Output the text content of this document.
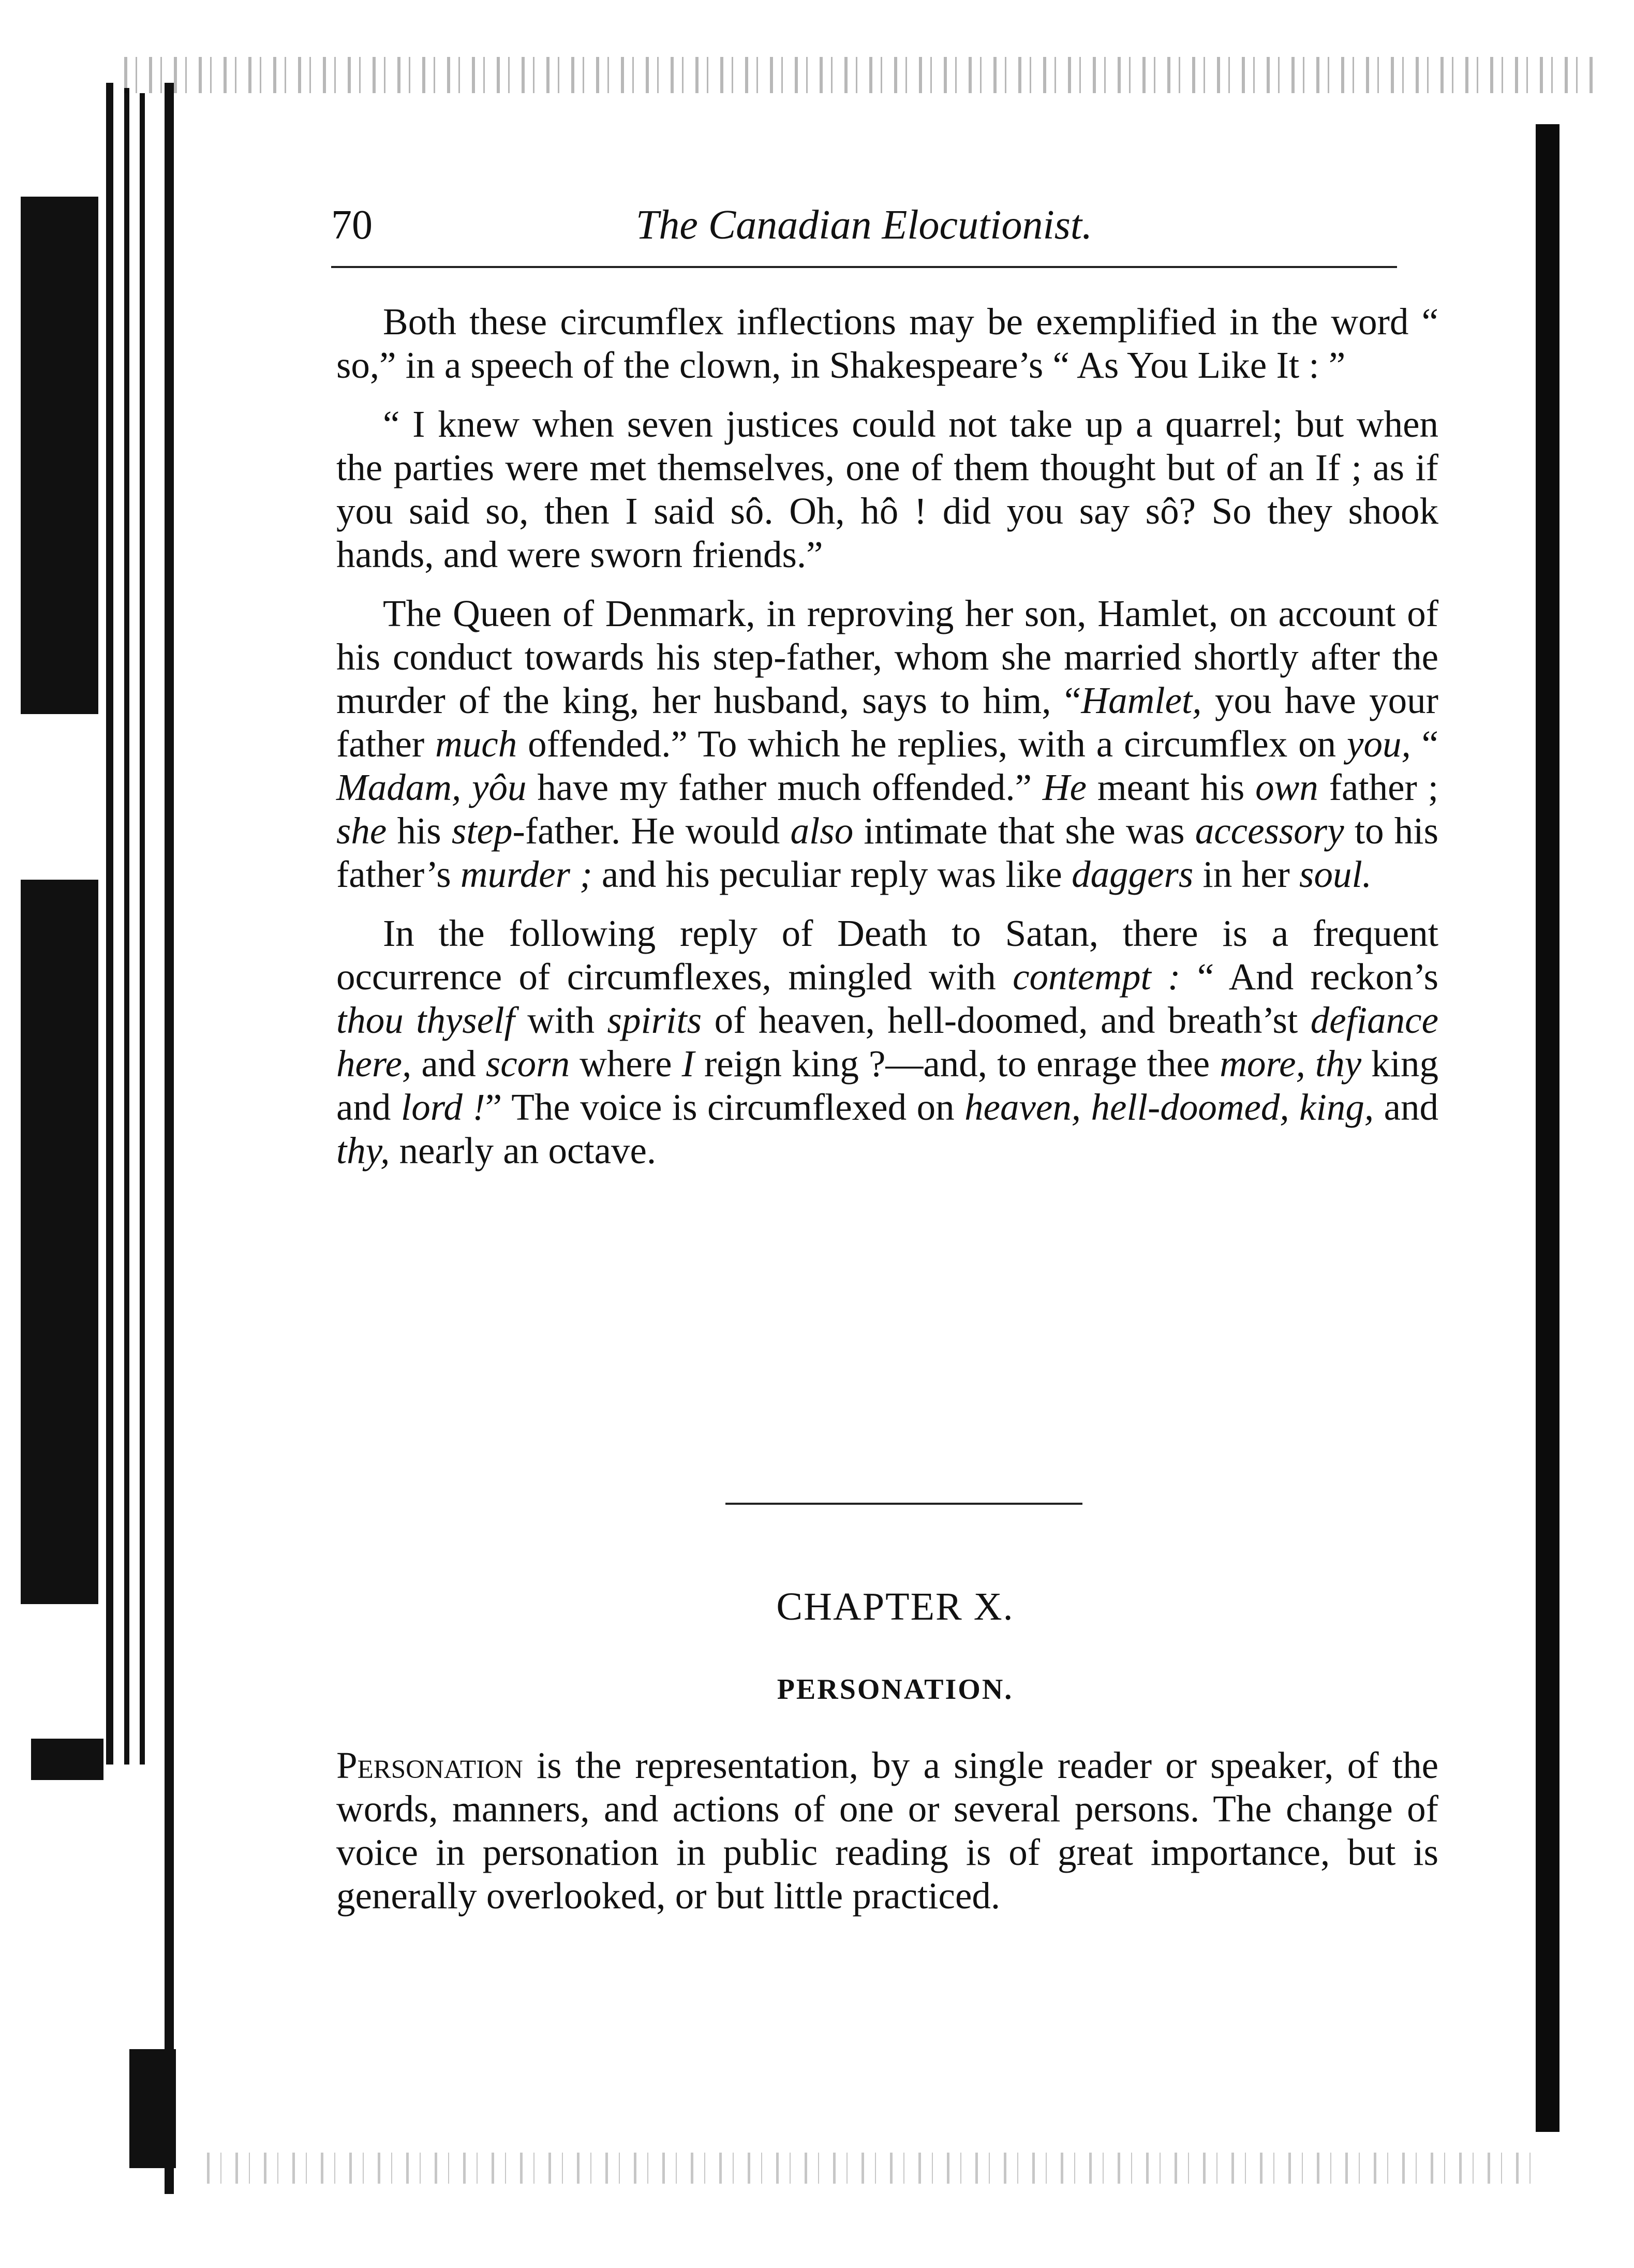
70	The Canadian Elocutionist.

Both these circumflex inflections may be exemplified in the word “ so,” in a speech of the clown, in Shakespeare’s “ As You Like It : ”

“ I knew when seven justices could not take up a quarrel; but when the parties were met themselves, one of them thought but of an If ; as if you said so, then I said sô. Oh, hô ! did you say sô? So they shook hands, and were sworn friends.”

The Queen of Denmark, in reproving her son, Hamlet, on account of his conduct towards his step-father, whom she married shortly after the murder of the king, her husband, says to him, “Hamlet, you have your father much offended.” To which he replies, with a circumflex on you, “ Madam, yôu have my father much offended.” He meant his own father ; she his step-father. He would also intimate that she was accessory to his father’s murder ; and his peculiar reply was like daggers in her soul.

In the following reply of Death to Satan, there is a frequent occurrence of circumflexes, mingled with contempt : “ And reckon’s thou thyself with spirits of heaven, hell-doomed, and breath’st defiance here, and scorn where I reign king ?—and, to enrage thee more, thy king and lord !” The voice is circumflexed on heaven, hell-doomed, king, and thy, nearly an octave.

CHAPTER X.
PERSONATION.

Personation is the representation, by a single reader or speaker, of the words, manners, and actions of one or several persons. The change of voice in personation in public reading is of great importance, but is generally overlooked, or but little practiced.
